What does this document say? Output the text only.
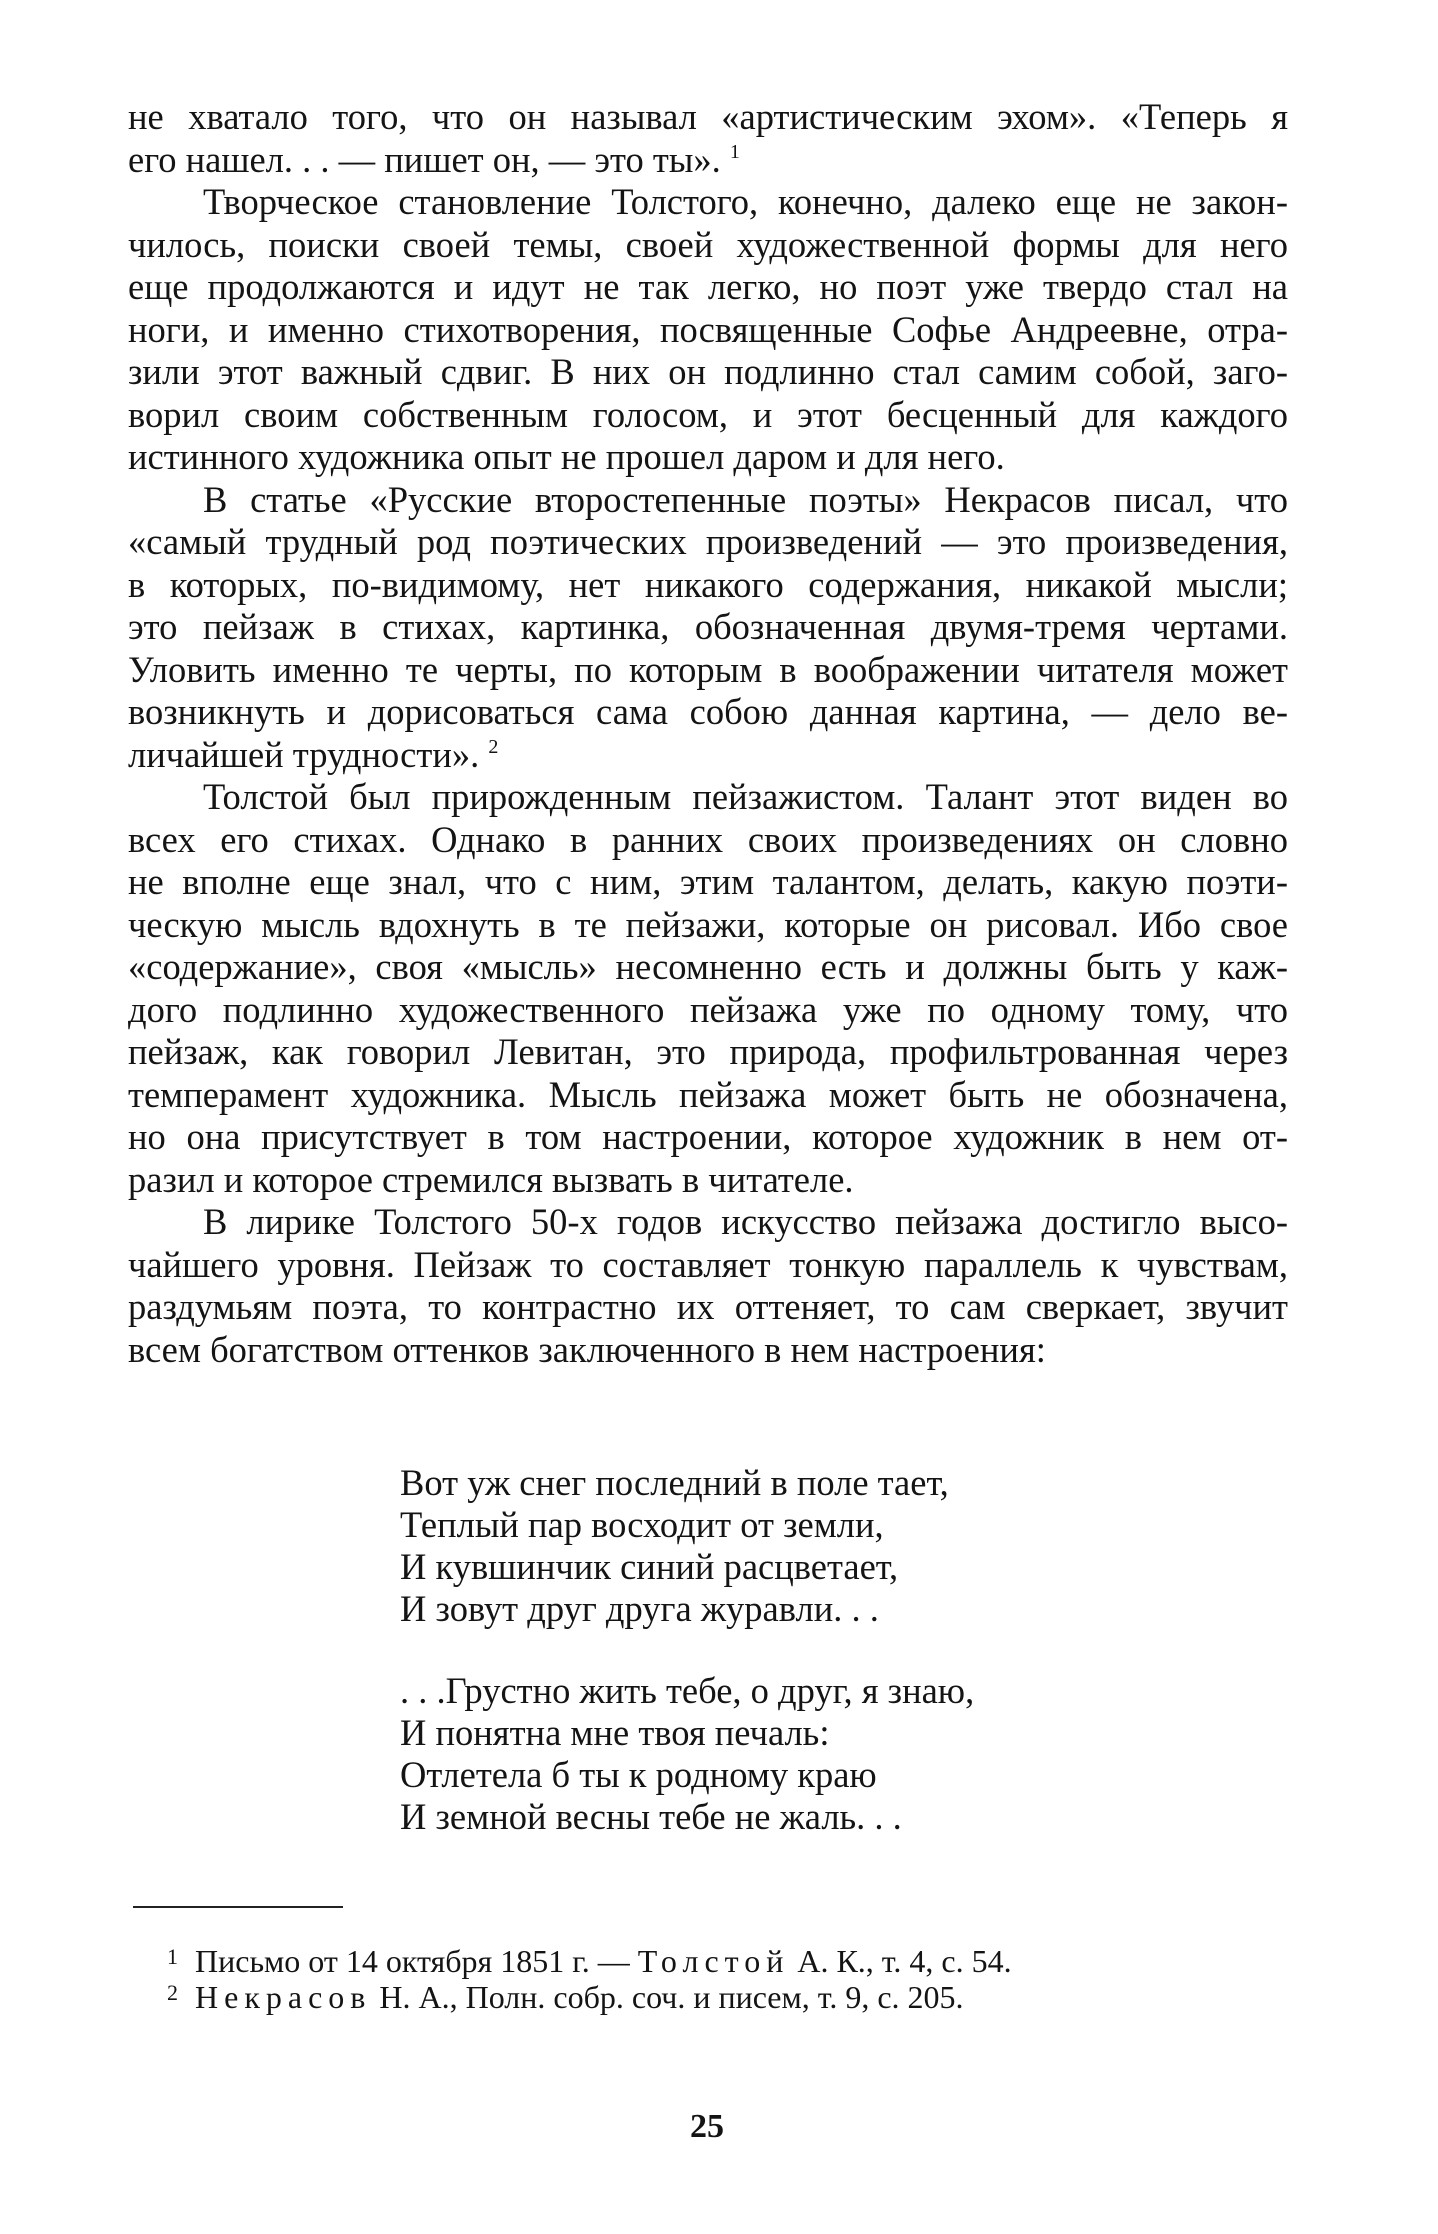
не хватало того, что он называл «артистическим эхом». «Теперь я
его нашел. . . — пишет он, — это ты». $^1$

Творческое становление Толстого, конечно, далеко еще не закон-
чилось, поиски своей темы, своей художественной формы для него
еще продолжаются и идут не так легко, но поэт уже твердо стал на
ноги, и именно стихотворения, посвященные Софье Андреевне, отра-
зили этот важный сдвиг. В них он подлинно стал самим собой, заго-
ворил своим собственным голосом, и этот бесценный для каждого
истинного художника опыт не прошел даром и для него.

В статье «Русские второстепенные поэты» Некрасов писал, что
«самый трудный род поэтических произведений — это произведения,
в которых, по-видимому, нет никакого содержания, никакой мысли;
это пейзаж в стихах, картинка, обозначенная двумя-тремя чертами.
Уловить именно те черты, по которым в воображении читателя может
возникнуть и дорисоваться сама собою данная картина, — дело ве-
личайшей трудности». $^2$

Толстой был прирожденным пейзажистом. Талант этот виден во
всех его стихах. Однако в ранних своих произведениях он словно
не вполне еще знал, что с ним, этим талантом, делать, какую поэти-
ческую мысль вдохнуть в те пейзажи, которые он рисовал. Ибо свое
«содержание», своя «мысль» несомненно есть и должны быть у каж-
дого подлинно художественного пейзажа уже по одному тому, что
пейзаж, как говорил Левитан, это природа, профильтрованная через
темперамент художника. Мысль пейзажа может быть не обозначена,
но она присутствует в том настроении, которое художник в нем от-
разил и которое стремился вызвать в читателе.

В лирике Толстого 50-х годов искусство пейзажа достигло высо-
чайшего уровня. Пейзаж то составляет тонкую параллель к чувствам,
раздумьям поэта, то контрастно их оттеняет, то сам сверкает, звучит
всем богатством оттенков заключенного в нем настроения:

Вот уж снег последний в поле тает,
Теплый пар восходит от земли,
И кувшинчик синий расцветает,
И зовут друг друга журавли. . .
. . .Грустно жить тебе, о друг, я знаю,
И понятна мне твоя печаль:
Отлетела б ты к родному краю
И земной весны тебе не жаль. . .
1 Письмо от 14 октября 1851 г. — Толстой А. К., т. 4, с. 54.
2 Некрасов Н. А., Полн. собр. соч. и писем, т. 9, с. 205.
25
